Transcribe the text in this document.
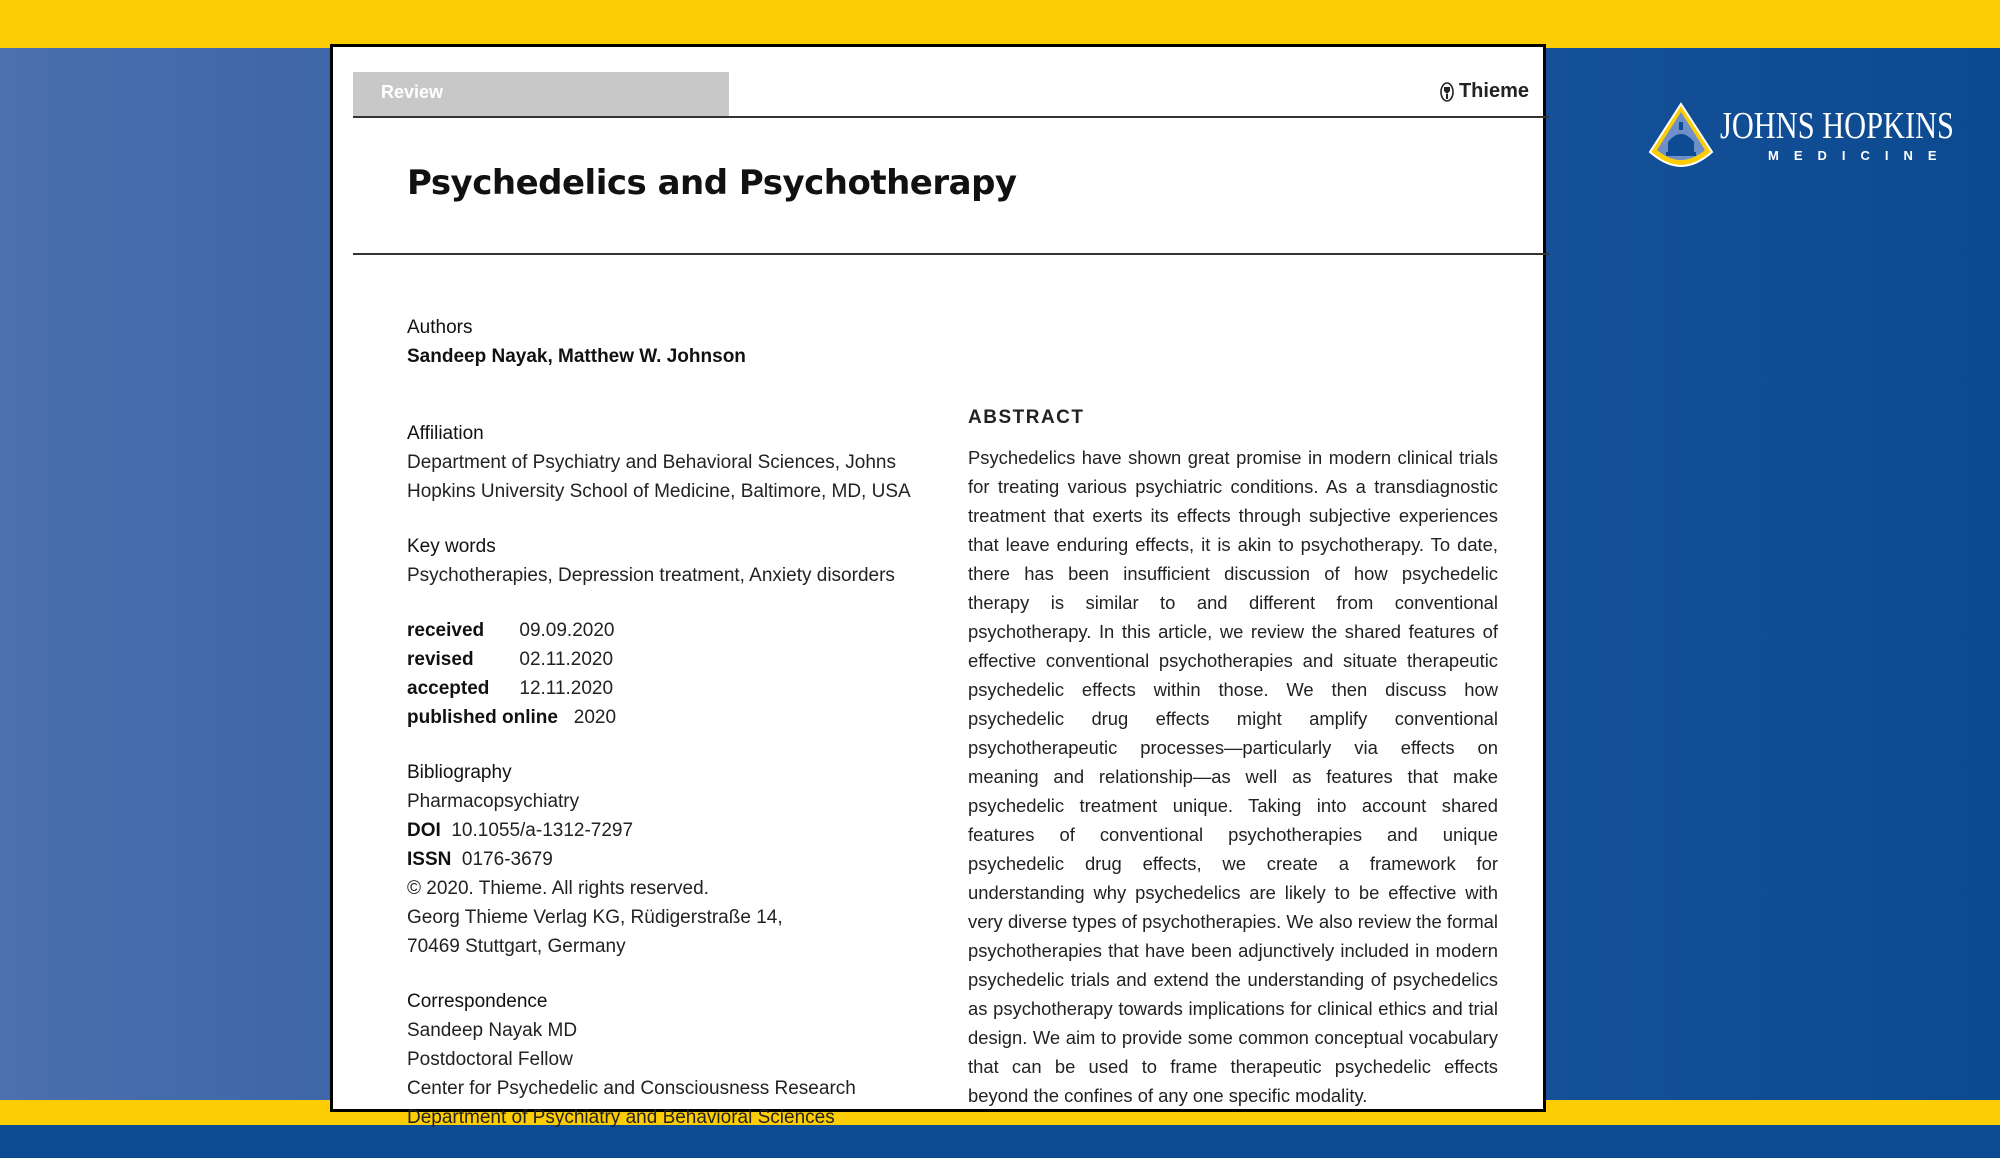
Review	Thieme
Psychedelics and Psychotherapy
Authors
Sandeep Nayak, Matthew W. Johnson
Affiliation
Department of Psychiatry and Behavioral Sciences, Johns
Hopkins University School of Medicine, Baltimore, MD, USA
Key words
Psychotherapies, Depression treatment, Anxiety disorders
received 09.09.2020
revised	02.11.2020
accepted 12.11.2020
published online 2020
Bibliography
Pharmacopsychiatry
DOI 10.1055/a-1312-7297
ISSN 0176-3679
© 2020. Thieme. All rights reserved.
Georg Thieme Verlag KG, Rüdigerstraße 14,
70469 Stuttgart, Germany
Correspondence
Sandeep Nayak MD
Postdoctoral Fellow
Center for Psychedelic and Consciousness Research
Department of Psychiatry and Behavioral Sciences
ABSTRACT
Psychedelics have shown great promise in modern clinical trials for treating various psychiatric conditions. As a transdiagnostic treatment that exerts its effects through subjective experiences that leave enduring effects, it is akin to psychotherapy. To date, there has been insufficient discussion of how psychedelic therapy is similar to and different from conventional psychotherapy. In this article, we review the shared features of effective conventional psychotherapies and situate therapeutic psychedelic effects within those. We then discuss how psychedelic drug effects might amplify conventional psychotherapeutic processes—particularly via effects on meaning and relationship—as well as features that make psychedelic treatment unique. Taking into account shared features of conventional psychotherapies and unique psychedelic drug effects, we create a framework for understanding why psychedelics are likely to be effective with very diverse types of psychotherapies. We also review the formal psychotherapies that have been adjunctively included in modern psychedelic trials and extend the understanding of psychedelics as psychotherapy towards implications for clinical ethics and trial design. We aim to provide some common conceptual vocabulary that can be used to frame therapeutic psychedelic effects beyond the confines of any one specific modality.
JOHNS HOPKINS
MEDICINE
